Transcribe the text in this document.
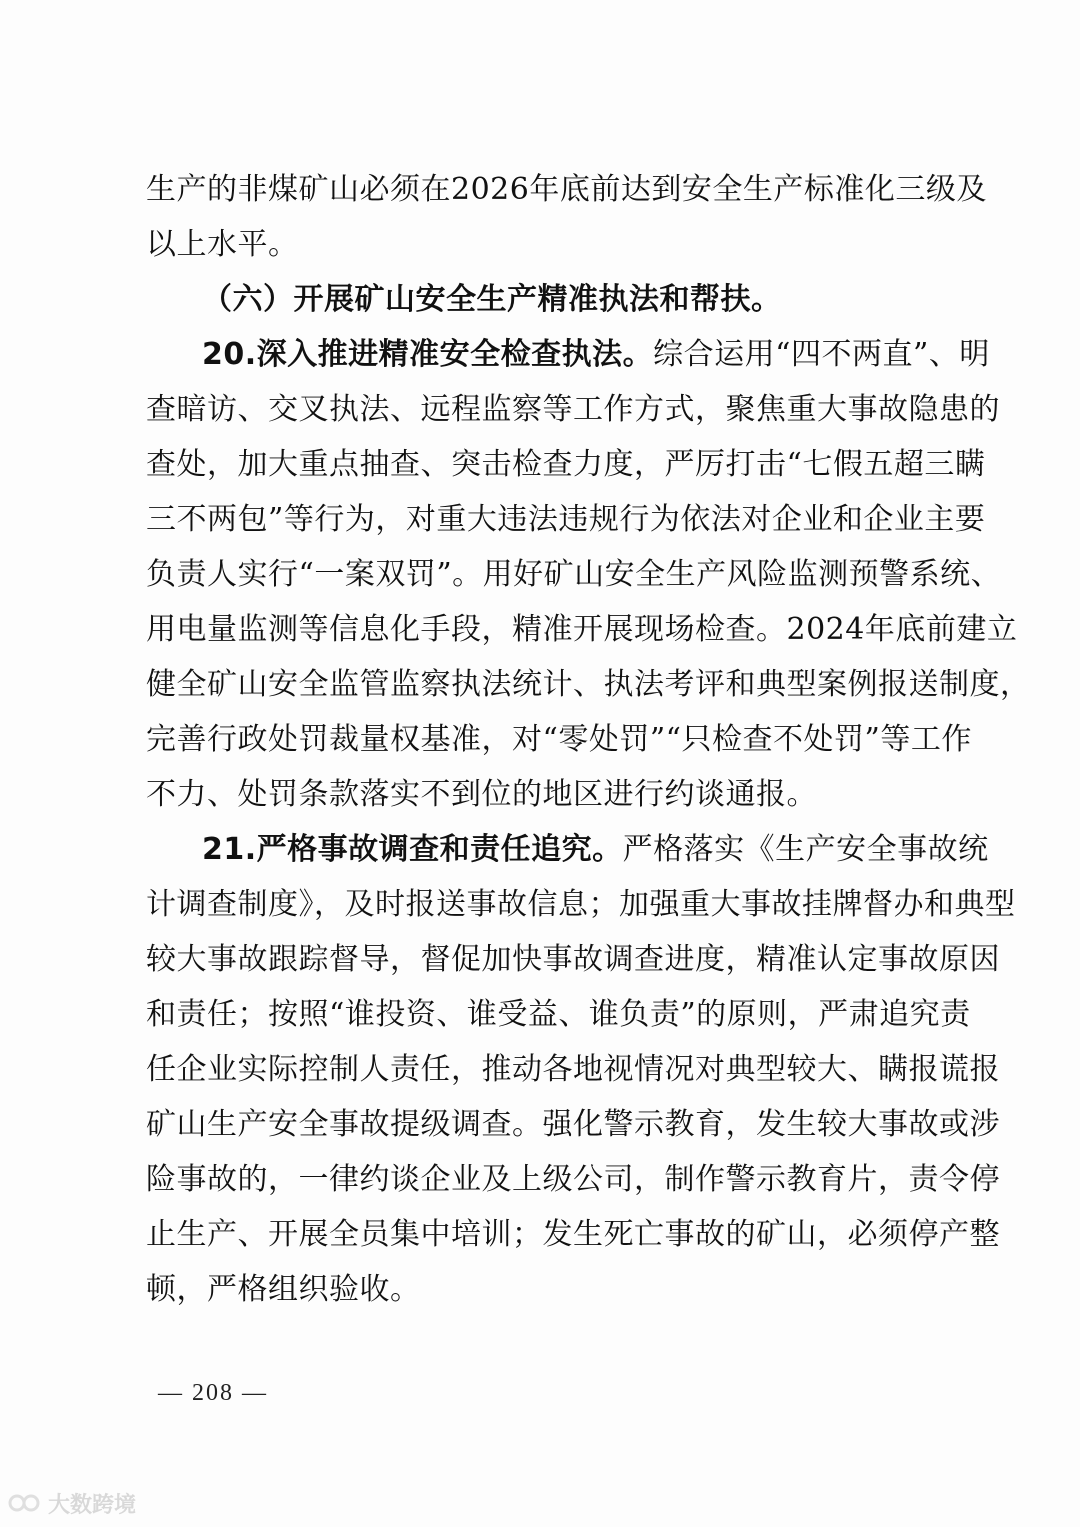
生产的非煤矿山必须在2026年底前达到安全生产标准化三级及
以上水平。
（六）开展矿山安全生产精准执法和帮扶。
20.深入推进精准安全检查执法。综合运用“四不两直”、明
查暗访、交叉执法、远程监察等工作方式，聚焦重大事故隐患的
查处，加大重点抽查、突击检查力度，严厉打击“七假五超三瞒
三不两包”等行为，对重大违法违规行为依法对企业和企业主要
负责人实行“一案双罚”。用好矿山安全生产风险监测预警系统、
用电量监测等信息化手段，精准开展现场检查。2024年底前建立
健全矿山安全监管监察执法统计、执法考评和典型案例报送制度，
完善行政处罚裁量权基准，对“零处罚”“只检查不处罚”等工作
不力、处罚条款落实不到位的地区进行约谈通报。
21.严格事故调查和责任追究。严格落实《生产安全事故统
计调查制度》，及时报送事故信息；加强重大事故挂牌督办和典型
较大事故跟踪督导，督促加快事故调查进度，精准认定事故原因
和责任；按照“谁投资、谁受益、谁负责”的原则，严肃追究责
任企业实际控制人责任，推动各地视情况对典型较大、瞒报谎报
矿山生产安全事故提级调查。强化警示教育，发生较大事故或涉
险事故的，一律约谈企业及上级公司，制作警示教育片，责令停
止生产、开展全员集中培训；发生死亡事故的矿山，必须停产整
顿，严格组织验收。
— 208 —
大数跨境
